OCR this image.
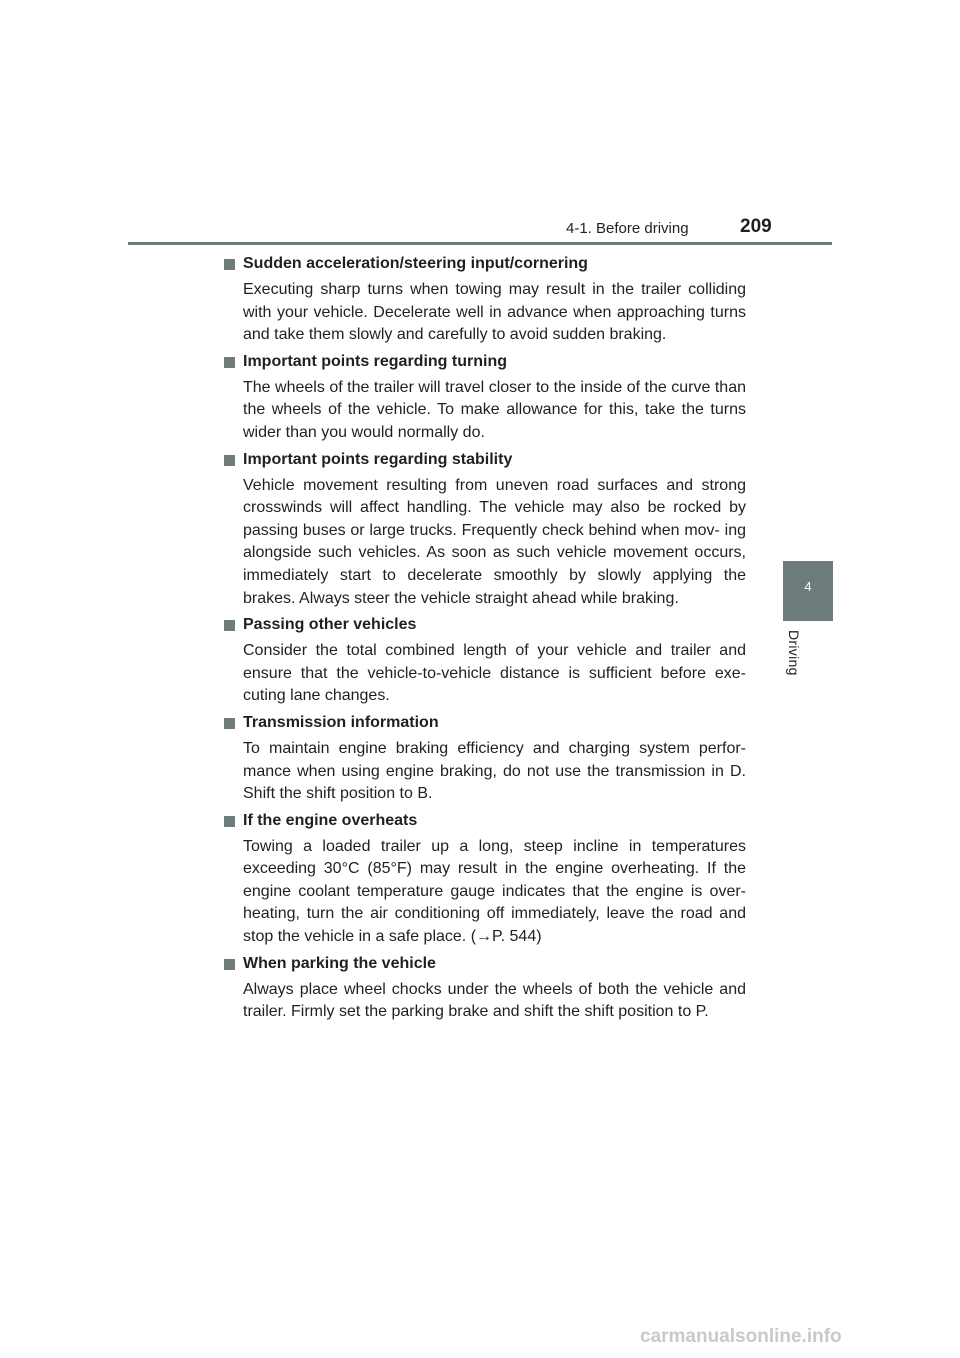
4-1. Before driving	209
4
Driving
Sudden acceleration/steering input/cornering
Executing sharp turns when towing may result in the trailer colliding with your vehicle. Decelerate well in advance when approaching turns and take them slowly and carefully to avoid sudden braking.
Important points regarding turning
The wheels of the trailer will travel closer to the inside of the curve than the wheels of the vehicle. To make allowance for this, take the turns wider than you would normally do.
Important points regarding stability
Vehicle movement resulting from uneven road surfaces and strong crosswinds will affect handling. The vehicle may also be rocked by passing buses or large trucks. Frequently check behind when mov- ing alongside such vehicles. As soon as such vehicle movement occurs, immediately start to decelerate smoothly by slowly applying the brakes. Always steer the vehicle straight ahead while braking.
Passing other vehicles
Consider the total combined length of your vehicle and trailer and ensure that the vehicle-to-vehicle distance is sufficient before exe- cuting lane changes.
Transmission information
To maintain engine braking efficiency and charging system perfor- mance when using engine braking, do not use the transmission in D. Shift the shift position to B.
If the engine overheats
Towing a loaded trailer up a long, steep incline in temperatures exceeding 30°C (85°F) may result in the engine overheating. If the engine coolant temperature gauge indicates that the engine is over- heating, turn the air conditioning off immediately, leave the road and stop the vehicle in a safe place. (→P. 544)
When parking the vehicle
Always place wheel chocks under the wheels of both the vehicle and trailer. Firmly set the parking brake and shift the shift position to P.
carmanualsonline.info
